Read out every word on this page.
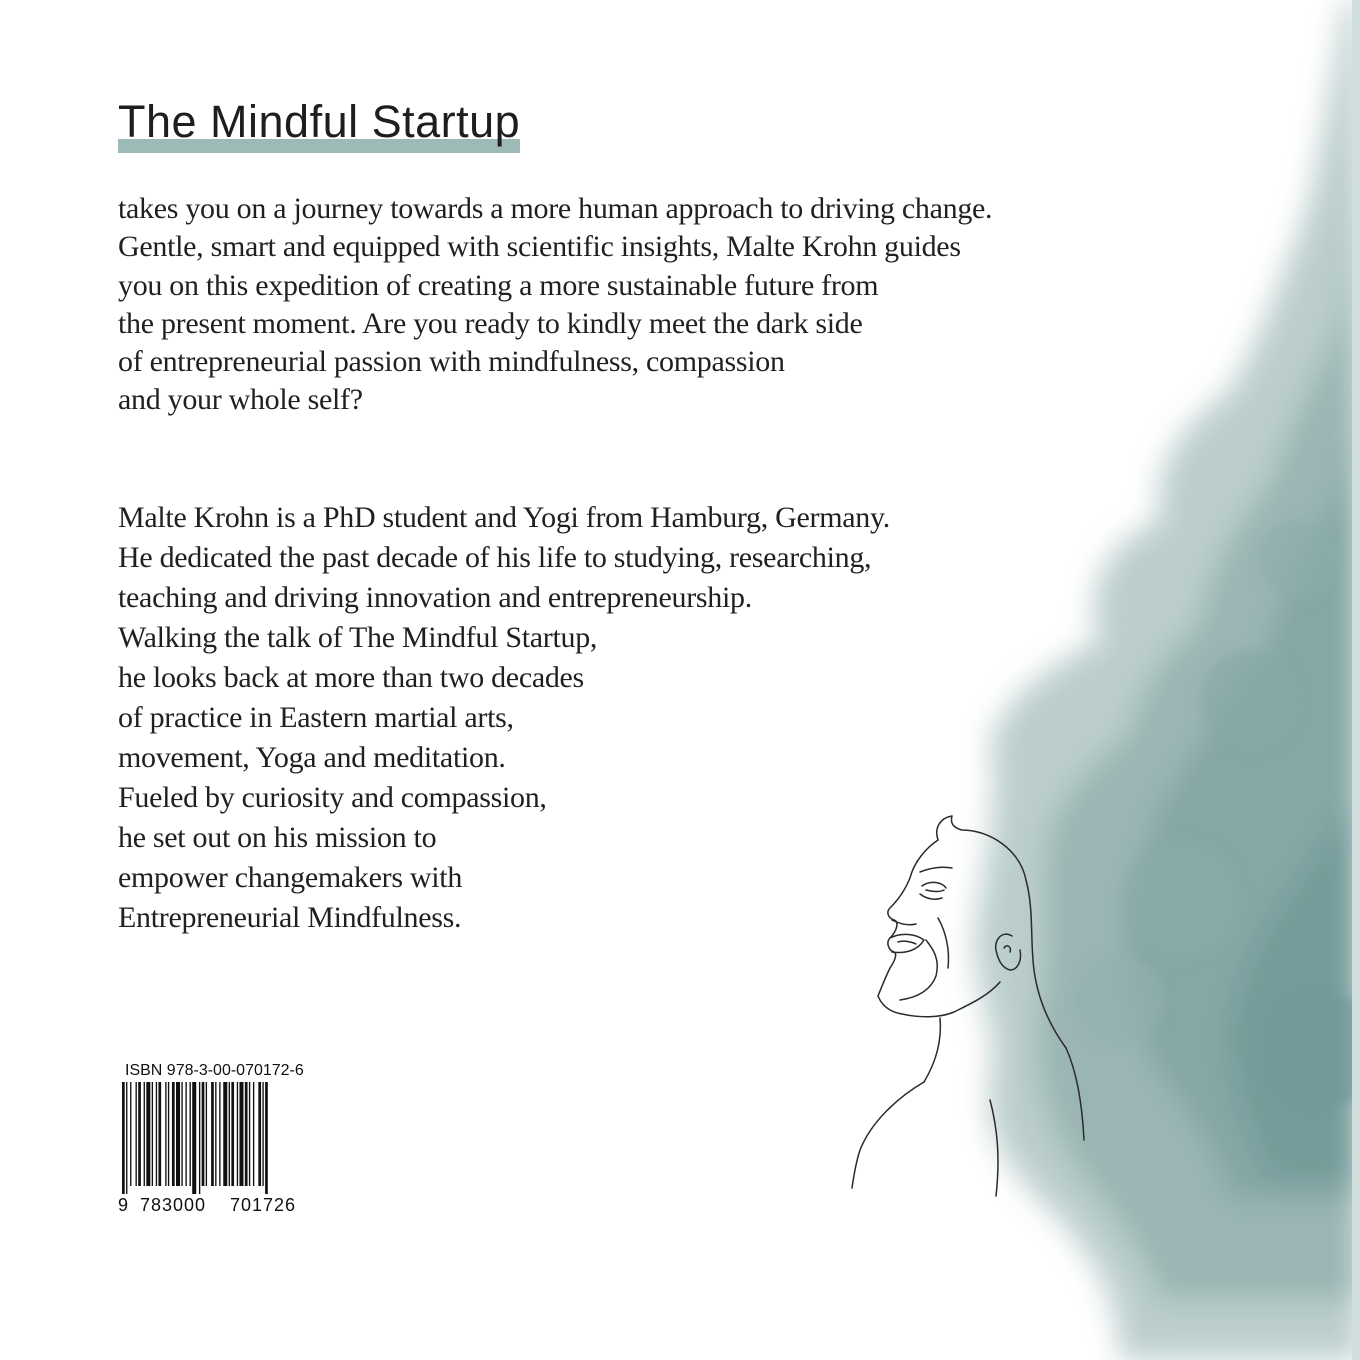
The Mindful Startup

takes you on a journey towards a more human approach to driving change.
Gentle, smart and equipped with scientific insights, Malte Krohn guides
you on this expedition of creating a more sustainable future from
the present moment. Are you ready to kindly meet the dark side
of entrepreneurial passion with mindfulness, compassion
and your whole self?

Malte Krohn is a PhD student and Yogi from Hamburg, Germany.
He dedicated the past decade of his life to studying, researching,
teaching and driving innovation and entrepreneurship.
Walking the talk of The Mindful Startup,
he looks back at more than two decades
of practice in Eastern martial arts,
movement, Yoga and meditation.
Fueled by curiosity and compassion,
he set out on his mission to
empower changemakers with
Entrepreneurial Mindfulness.

ISBN 978-3-00-070172-6
9 783000 701726
